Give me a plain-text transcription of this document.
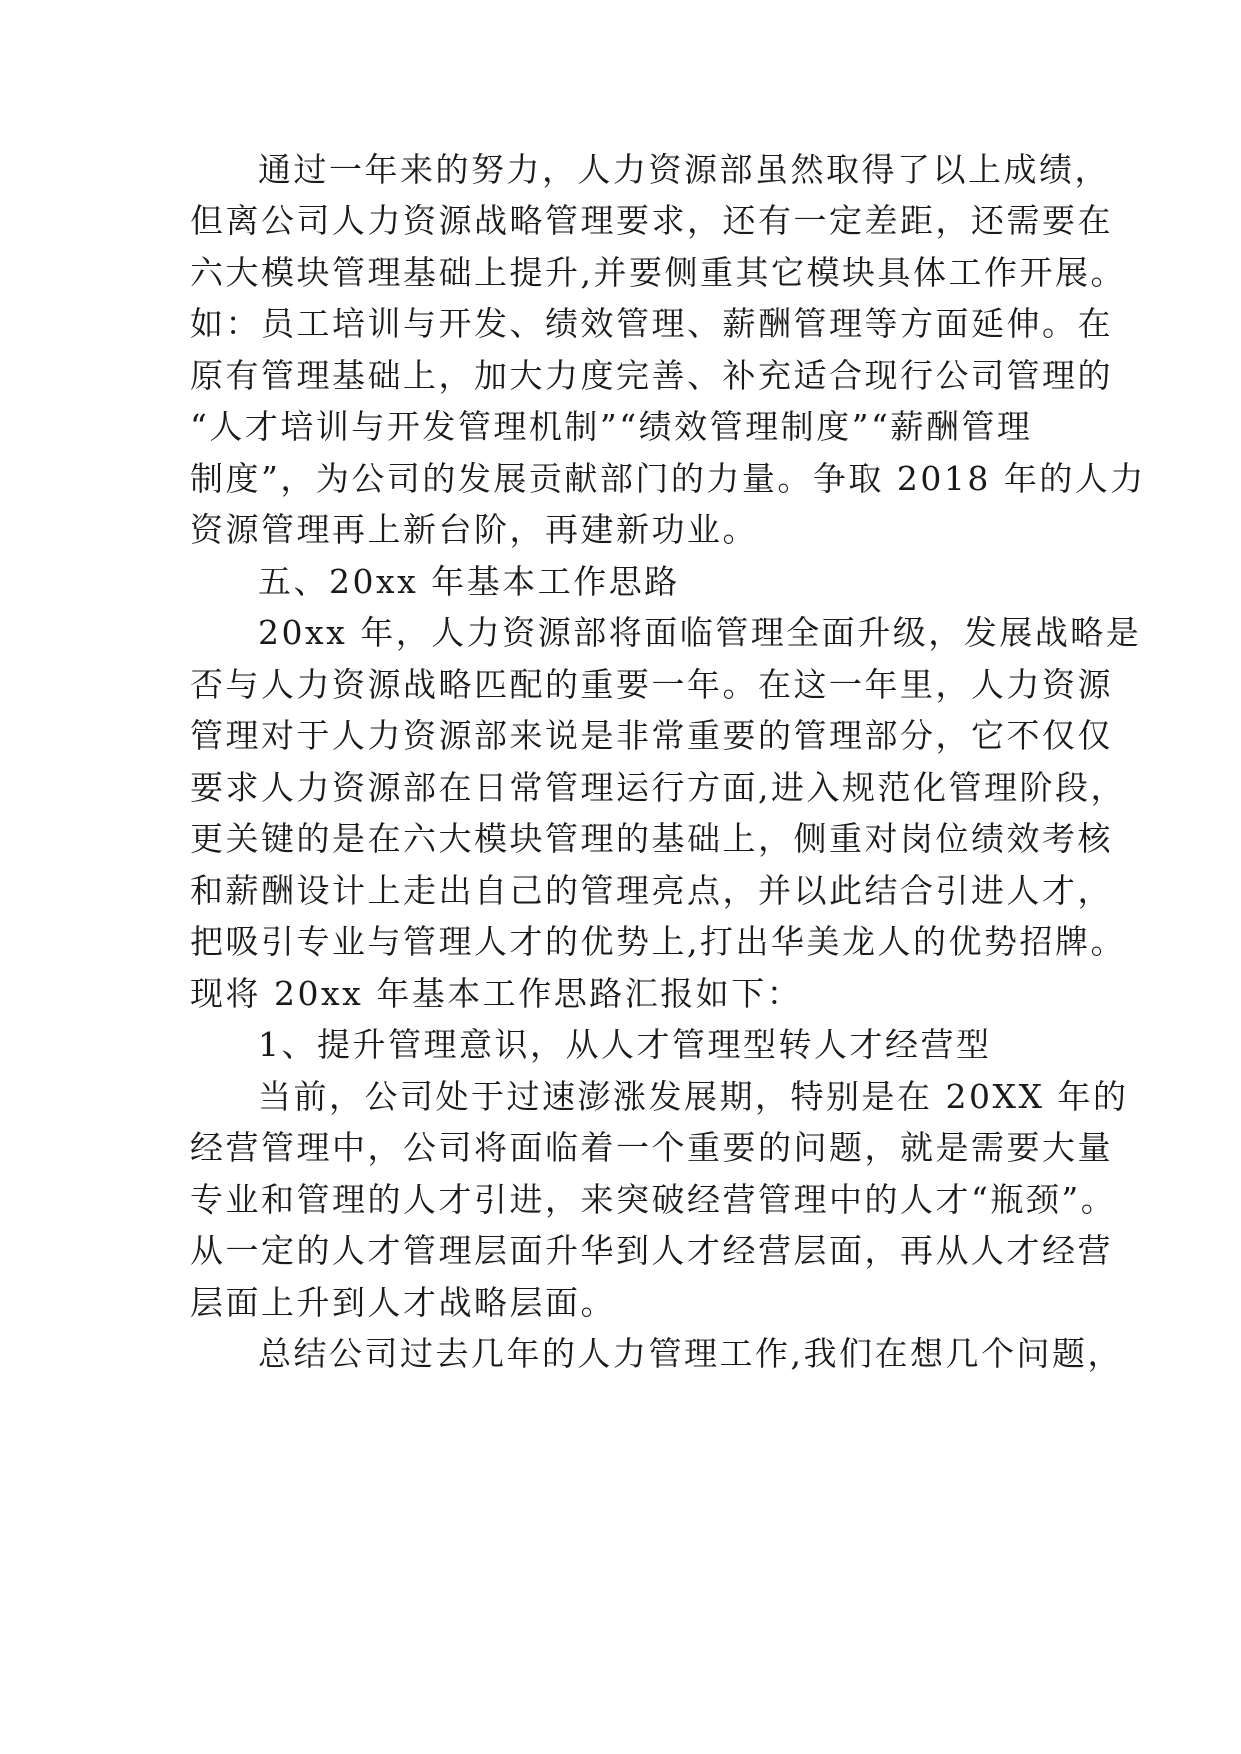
通过一年来的努力，人力资源部虽然取得了以上成绩，
但离公司人力资源战略管理要求，还有一定差距，还需要在
六大模块管理基础上提升,并要侧重其它模块具体工作开展。
如：员工培训与开发、绩效管理、薪酬管理等方面延伸。在
原有管理基础上，加大力度完善、补充适合现行公司管理的
“人才培训与开发管理机制”“绩效管理制度”“薪酬管理
制度”，为公司的发展贡献部门的力量。争取 2018 年的人力
资源管理再上新台阶，再建新功业。
五、20xx 年基本工作思路
20xx 年，人力资源部将面临管理全面升级，发展战略是
否与人力资源战略匹配的重要一年。在这一年里，人力资源
管理对于人力资源部来说是非常重要的管理部分，它不仅仅
要求人力资源部在日常管理运行方面,进入规范化管理阶段，
更关键的是在六大模块管理的基础上，侧重对岗位绩效考核
和薪酬设计上走出自己的管理亮点，并以此结合引进人才，
把吸引专业与管理人才的优势上,打出华美龙人的优势招牌。
现将 20xx 年基本工作思路汇报如下：
1、提升管理意识，从人才管理型转人才经营型
当前，公司处于过速澎涨发展期，特别是在 20XX 年的
经营管理中，公司将面临着一个重要的问题，就是需要大量
专业和管理的人才引进，来突破经营管理中的人才“瓶颈”。
从一定的人才管理层面升华到人才经营层面，再从人才经营
层面上升到人才战略层面。
总结公司过去几年的人力管理工作,我们在想几个问题，
